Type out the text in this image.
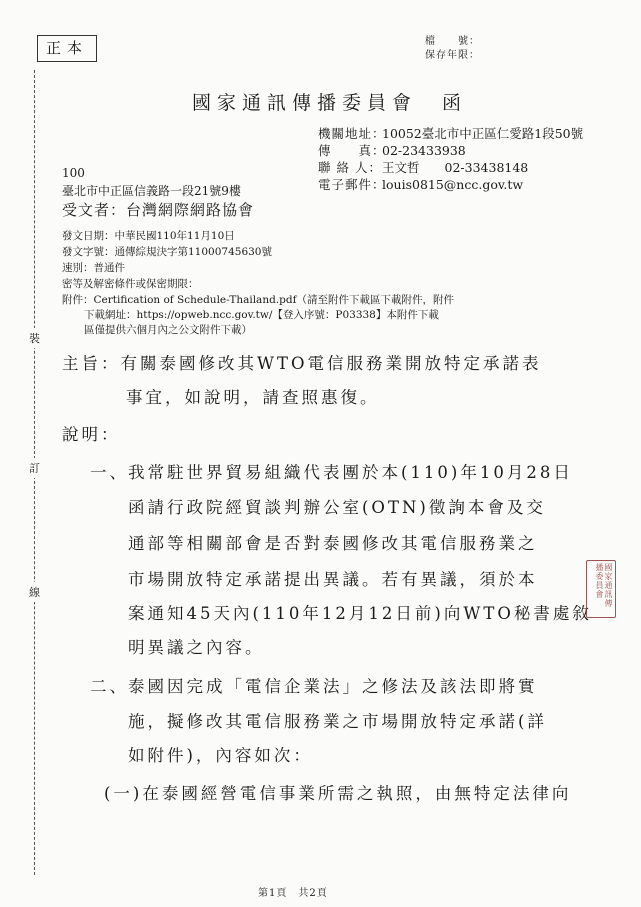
正本	檔　　號：
保存年限：
國家通訊傳播委員會　函
機關地址：10052臺北市中正區仁愛路1段50號
傳　　真：02-23433938
聯 絡 人：王文哲　　02-33438148
電子郵件：louis0815@ncc.gov.tw
100
臺北市中正區信義路一段21號9樓
受文者：台灣網際網路協會
發文日期：中華民國110年11月10日
發文字號：通傳綜規決字第11000745630號
速別：普通件
密等及解密條件或保密期限：
附件：Certification of Schedule-Thailand.pdf（請至附件下載區下載附件，附件
下載網址：https://opweb.ncc.gov.tw/【登入序號：P03338】本附件下載
區僅提供六個月內之公文附件下載）
主旨：有關泰國修改其WTO電信服務業開放特定承諾表
事宜，如說明，請查照惠復。
說明：
一、 我常駐世界貿易組織代表團於本(110)年10月28日
函請行政院經貿談判辦公室(OTN)徵詢本會及交
通部等相關部會是否對泰國修改其電信服務業之
市場開放特定承諾提出異議。若有異議，須於本
案通知45天內(110年12月12日前)向WTO秘書處敘
明異議之內容。
二、 泰國因完成「電信企業法」之修法及該法即將實
施，擬修改其電信服務業之市場開放特定承諾(詳
如附件)，內容如次：
(一)在泰國經營電信事業所需之執照，由無特定法律向
裝
訂
線	國家通訊傳播委員會
第1頁　共2頁
